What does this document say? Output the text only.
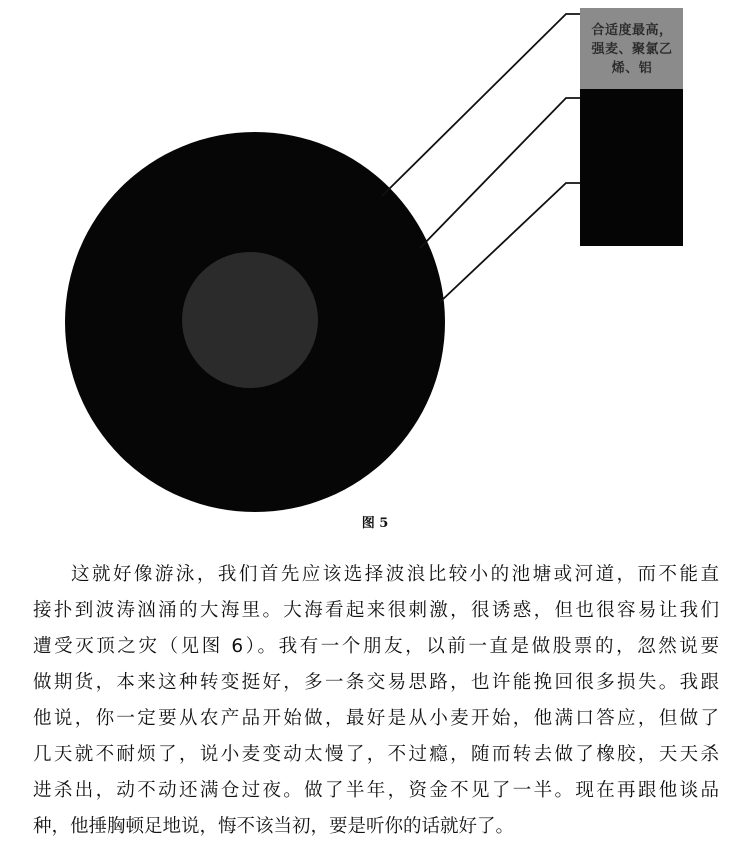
合适度最高，强麦、聚氯乙烯、铝

图 5

这就好像游泳，我们首先应该选择波浪比较小的池塘或河道，而不能直
接扑到波涛汹涌的大海里。大海看起来很刺激，很诱惑，但也很容易让我们
遭受灭顶之灾（见图 6）。我有一个朋友，以前一直是做股票的，忽然说要
做期货，本来这种转变挺好，多一条交易思路，也许能挽回很多损失。我跟
他说，你一定要从农产品开始做，最好是从小麦开始，他满口答应，但做了
几天就不耐烦了，说小麦变动太慢了，不过瘾，随而转去做了橡胶，天天杀
进杀出，动不动还满仓过夜。做了半年，资金不见了一半。现在再跟他谈品
种，他捶胸顿足地说，悔不该当初，要是听你的话就好了。
